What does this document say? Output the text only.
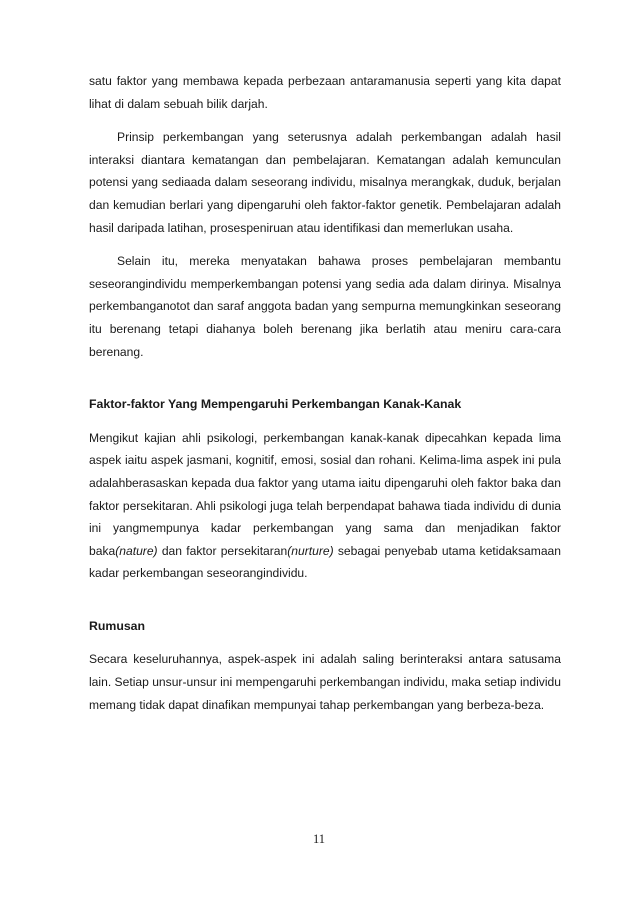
satu faktor yang membawa kepada perbezaan antaramanusia seperti yang kita dapat lihat di dalam sebuah bilik darjah.

Prinsip perkembangan yang seterusnya adalah perkembangan adalah hasil interaksi diantara kematangan dan pembelajaran. Kematangan adalah kemunculan potensi yang sediaada dalam seseorang individu, misalnya merangkak, duduk, berjalan dan kemudian berlari yang dipengaruhi oleh faktor-faktor genetik. Pembelajaran adalah hasil daripada latihan, prosespeniruan atau identifikasi dan memerlukan usaha.

Selain itu, mereka menyatakan bahawa proses pembelajaran membantu seseorangindividu memperkembangan potensi yang sedia ada dalam dirinya. Misalnya perkembanganotot dan saraf anggota badan yang sempurna memungkinkan seseorang itu berenang tetapi diahanya boleh berenang jika berlatih atau meniru cara-cara berenang.

Faktor-faktor Yang Mempengaruhi Perkembangan Kanak-Kanak

Mengikut kajian ahli psikologi, perkembangan kanak-kanak dipecahkan kepada lima aspek iaitu aspek jasmani, kognitif, emosi, sosial dan rohani. Kelima-lima aspek ini pula adalahberasaskan kepada dua faktor yang utama iaitu dipengaruhi oleh faktor baka dan faktor persekitaran. Ahli psikologi juga telah berpendapat bahawa tiada individu di dunia ini yangmempunya kadar perkembangan yang sama dan menjadikan faktor baka(nature) dan faktor persekitaran(nurture) sebagai penyebab utama ketidaksamaan kadar perkembangan seseorangindividu.

Rumusan

Secara keseluruhannya, aspek-aspek ini adalah saling berinteraksi antara satusama lain. Setiap unsur-unsur ini mempengaruhi perkembangan individu, maka setiap individu memang tidak dapat dinafikan mempunyai tahap perkembangan yang berbeza-beza.

11
